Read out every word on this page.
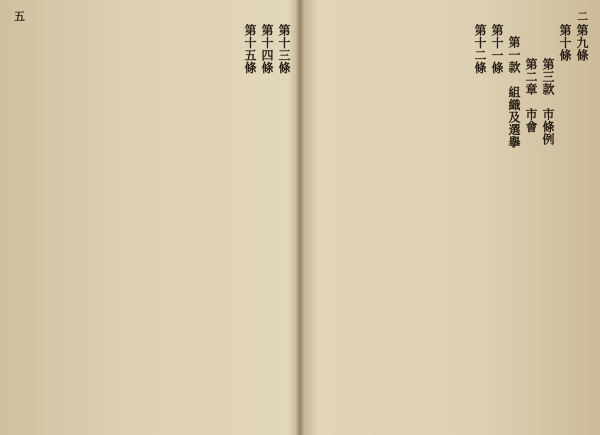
五
第十三條
第十四條
第十五條
二
第九條
第十條
第三款　市條例
第二章　市會
第一款　組織及選擧
第十一條
第十二條
